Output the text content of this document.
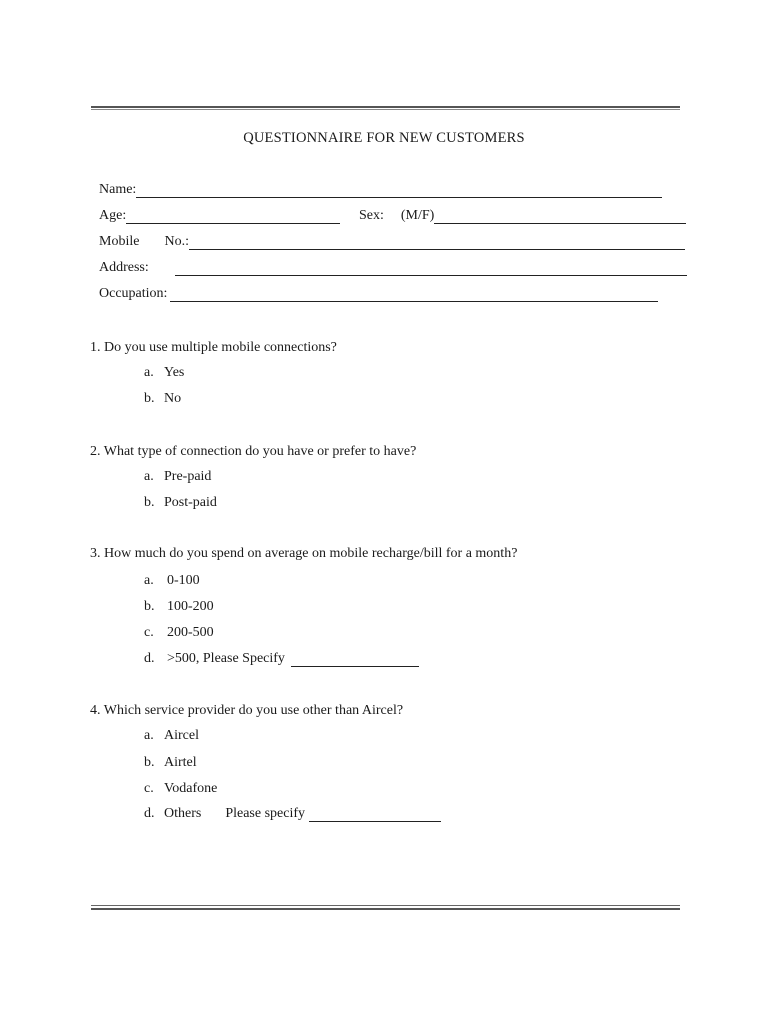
QUESTIONNAIRE FOR NEW CUSTOMERS
Name:
Age:	Sex: (M/F)
Mobile No.:
Address:
Occupation:
1. Do you use multiple mobile connections?
a. Yes
b. No
2. What type of connection do you have or prefer to have?
a. Pre-paid
b. Post-paid
3. How much do you spend on average on mobile recharge/bill for a month?
a. 0-100
b. 100-200
c. 200-500
d. >500, Please Specify
4. Which service provider do you use other than Aircel?
a. Aircel
b. Airtel
c. Vodafone
d. Others Please specify
